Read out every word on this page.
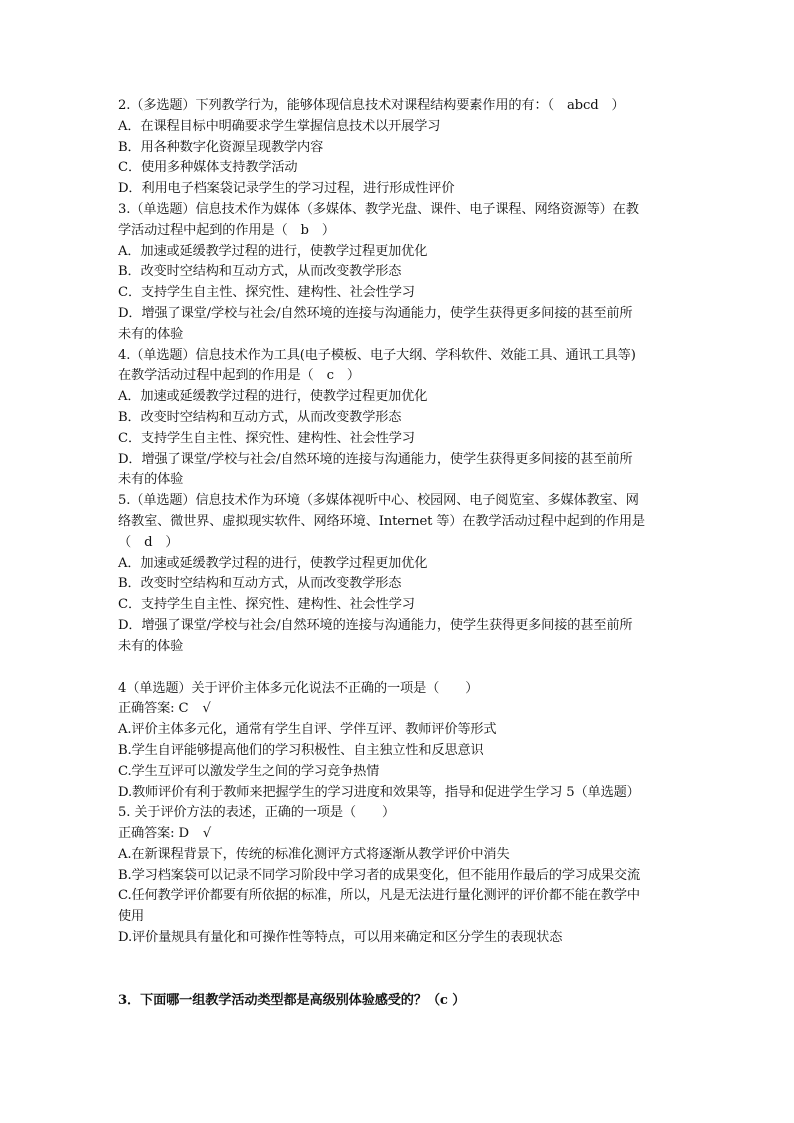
2.（多选题）下列教学行为，能够体现信息技术对课程结构要素作用的有：（　abcd　）
A．在课程目标中明确要求学生掌握信息技术以开展学习
B．用各种数字化资源呈现教学内容
C．使用多种媒体支持教学活动
D．利用电子档案袋记录学生的学习过程，进行形成性评价
3.（单选题）信息技术作为媒体（多媒体、教学光盘、课件、电子课程、网络资源等）在教
学活动过程中起到的作用是（　b　）
A．加速或延缓教学过程的进行，使教学过程更加优化
B．改变时空结构和互动方式，从而改变教学形态
C．支持学生自主性、探究性、建构性、社会性学习
D．增强了课堂/学校与社会/自然环境的连接与沟通能力，使学生获得更多间接的甚至前所
未有的体验
4.（单选题）信息技术作为工具(电子模板、电子大纲、学科软件、效能工具、通讯工具等)
在教学活动过程中起到的作用是（　c　）
A．加速或延缓教学过程的进行，使教学过程更加优化
B．改变时空结构和互动方式，从而改变教学形态
C．支持学生自主性、探究性、建构性、社会性学习
D．增强了课堂/学校与社会/自然环境的连接与沟通能力，使学生获得更多间接的甚至前所
未有的体验
5.（单选题）信息技术作为环境（多媒体视听中心、校园网、电子阅览室、多媒体教室、网
络教室、微世界、虚拟现实软件、网络环境、Internet 等）在教学活动过程中起到的作用是
（　d　）
A．加速或延缓教学过程的进行，使教学过程更加优化
B．改变时空结构和互动方式，从而改变教学形态
C．支持学生自主性、探究性、建构性、社会性学习
D．增强了课堂/学校与社会/自然环境的连接与沟通能力，使学生获得更多间接的甚至前所
未有的体验
4（单选题）关于评价主体多元化说法不正确的一项是（　　）
正确答案: C √
A.评价主体多元化，通常有学生自评、学伴互评、教师评价等形式
B.学生自评能够提高他们的学习积极性、自主独立性和反思意识
C.学生互评可以激发学生之间的学习竞争热情
D.教师评价有利于教师来把握学生的学习进度和效果等，指导和促进学生学习 5（单选题）
5. 关于评价方法的表述，正确的一项是（　　）
正确答案: D √
A.在新课程背景下，传统的标准化测评方式将逐渐从教学评价中消失
B.学习档案袋可以记录不同学习阶段中学习者的成果变化，但不能用作最后的学习成果交流
C.任何教学评价都要有所依据的标准，所以，凡是无法进行量化测评的评价都不能在教学中
使用
D.评价量规具有量化和可操作性等特点，可以用来确定和区分学生的表现状态
3．下面哪一组教学活动类型都是高级别体验感受的？（c ）
